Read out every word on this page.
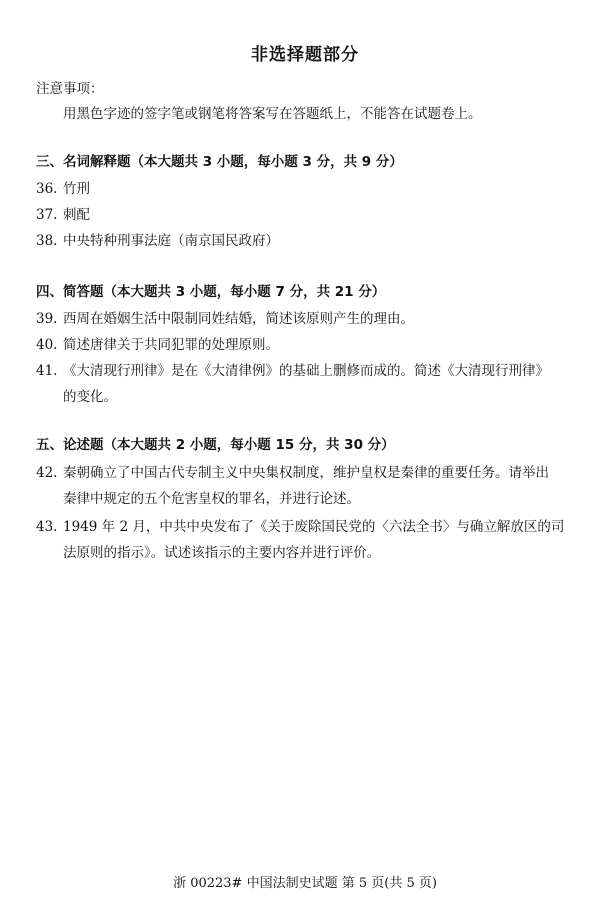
非选择题部分
注意事项：
用黑色字迹的签字笔或钢笔将答案写在答题纸上，不能答在试题卷上。
三、名词解释题（本大题共 3 小题，每小题 3 分，共 9 分）
36. 竹刑
37. 刺配
38. 中央特种刑事法庭（南京国民政府）
四、简答题（本大题共 3 小题，每小题 7 分，共 21 分）
39. 西周在婚姻生活中限制同姓结婚，简述该原则产生的理由。
40. 简述唐律关于共同犯罪的处理原则。
41. 《大清现行刑律》是在《大清律例》的基础上删修而成的。简述《大清现行刑律》
的变化。
五、论述题（本大题共 2 小题，每小题 15 分，共 30 分）
42. 秦朝确立了中国古代专制主义中央集权制度，维护皇权是秦律的重要任务。请举出
秦律中规定的五个危害皇权的罪名，并进行论述。
43. 1949 年 2 月，中共中央发布了《关于废除国民党的〈六法全书〉与确立解放区的司
法原则的指示》。试述该指示的主要内容并进行评价。
浙 00223# 中国法制史试题 第 5 页(共 5 页)
